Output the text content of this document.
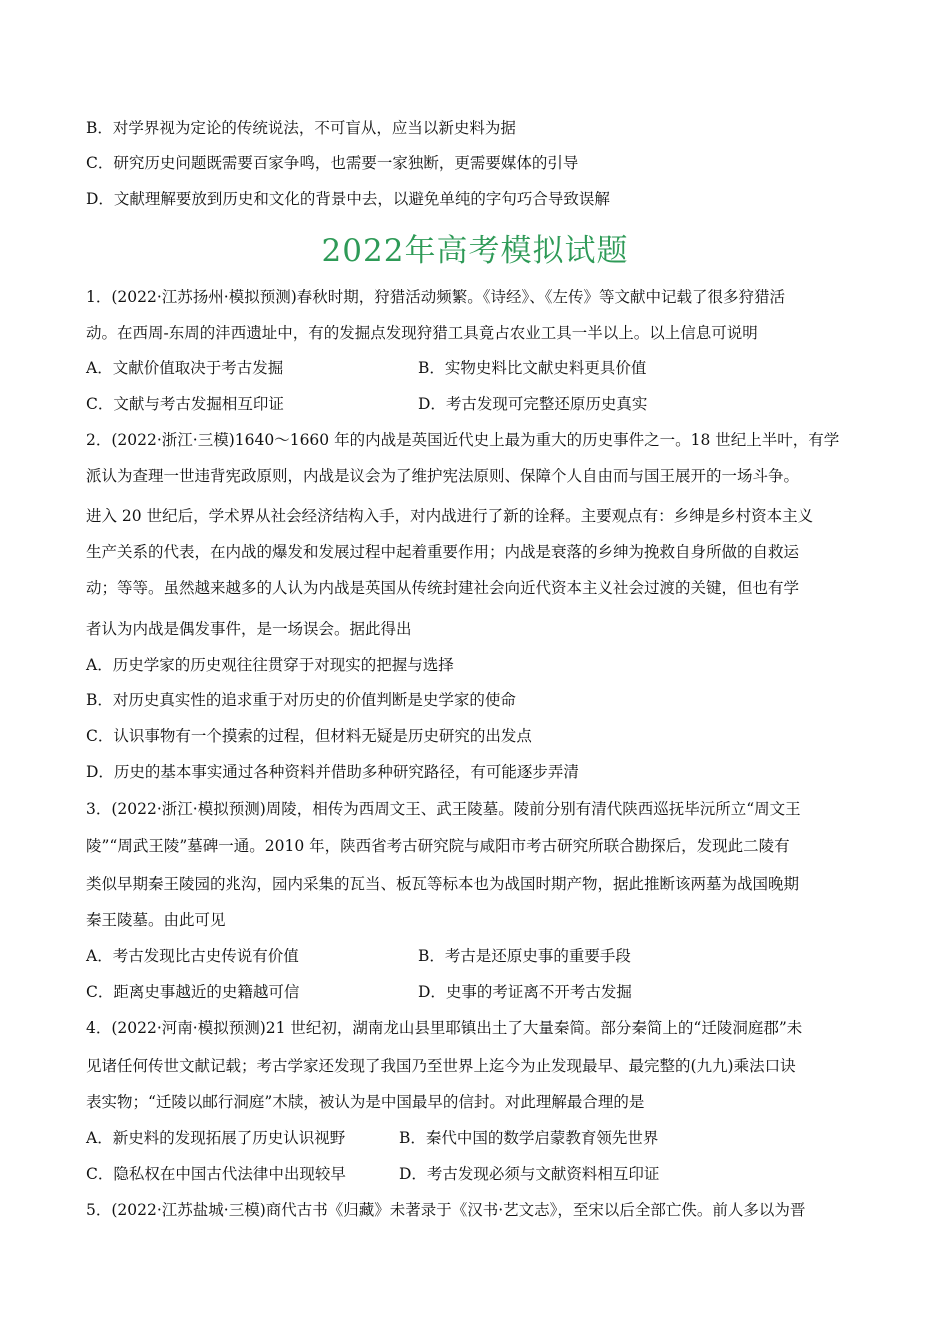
B．对学界视为定论的传统说法，不可盲从，应当以新史料为据
C．研究历史问题既需要百家争鸣，也需要一家独断，更需要媒体的引导
D．文献理解要放到历史和文化的背景中去，以避免单纯的字句巧合导致误解
2022年高考模拟试题
1．(2022·江苏扬州·模拟预测)春秋时期，狩猎活动频繁。《诗经》、《左传》等文献中记载了很多狩猎活
动。在西周-东周的沣西遗址中，有的发掘点发现狩猎工具竟占农业工具一半以上。以上信息可说明
A．文献价值取决于考古发掘	B．实物史料比文献史料更具价值
C．文献与考古发掘相互印证	D．考古发现可完整还原历史真实
2．(2022·浙江·三模)1640～1660 年的内战是英国近代史上最为重大的历史事件之一。18 世纪上半叶，有学
派认为查理一世违背宪政原则，内战是议会为了维护宪法原则、保障个人自由而与国王展开的一场斗争。
进入 20 世纪后，学术界从社会经济结构入手，对内战进行了新的诠释。主要观点有：乡绅是乡村资本主义
生产关系的代表，在内战的爆发和发展过程中起着重要作用；内战是衰落的乡绅为挽救自身所做的自救运
动；等等。虽然越来越多的人认为内战是英国从传统封建社会向近代资本主义社会过渡的关键，但也有学
者认为内战是偶发事件，是一场误会。据此得出
A．历史学家的历史观往往贯穿于对现实的把握与选择
B．对历史真实性的追求重于对历史的价值判断是史学家的使命
C．认识事物有一个摸索的过程，但材料无疑是历史研究的出发点
D．历史的基本事实通过各种资料并借助多种研究路径，有可能逐步弄清
3．(2022·浙江·模拟预测)周陵，相传为西周文王、武王陵墓。陵前分别有清代陕西巡抚毕沅所立“周文王
陵”“周武王陵”墓碑一通。2010 年，陕西省考古研究院与咸阳市考古研究所联合勘探后，发现此二陵有
类似早期秦王陵园的兆沟，园内采集的瓦当、板瓦等标本也为战国时期产物，据此推断该两墓为战国晚期
秦王陵墓。由此可见
A．考古发现比古史传说有价值	B．考古是还原史事的重要手段
C．距离史事越近的史籍越可信	D．史事的考证离不开考古发掘
4．(2022·河南·模拟预测)21 世纪初，湖南龙山县里耶镇出土了大量秦简。部分秦简上的“迁陵洞庭郡”未
见诸任何传世文献记载；考古学家还发现了我国乃至世界上迄今为止发现最早、最完整的(九九)乘法口诀
表实物；“迁陵以邮行洞庭”木牍，被认为是中国最早的信封。对此理解最合理的是
A．新史料的发现拓展了历史认识视野	B．秦代中国的数学启蒙教育领先世界
C．隐私权在中国古代法律中出现较早	D．考古发现必须与文献资料相互印证
5．(2022·江苏盐城·三模)商代古书《归藏》未著录于《汉书·艺文志》，至宋以后全部亡佚。前人多以为晋
